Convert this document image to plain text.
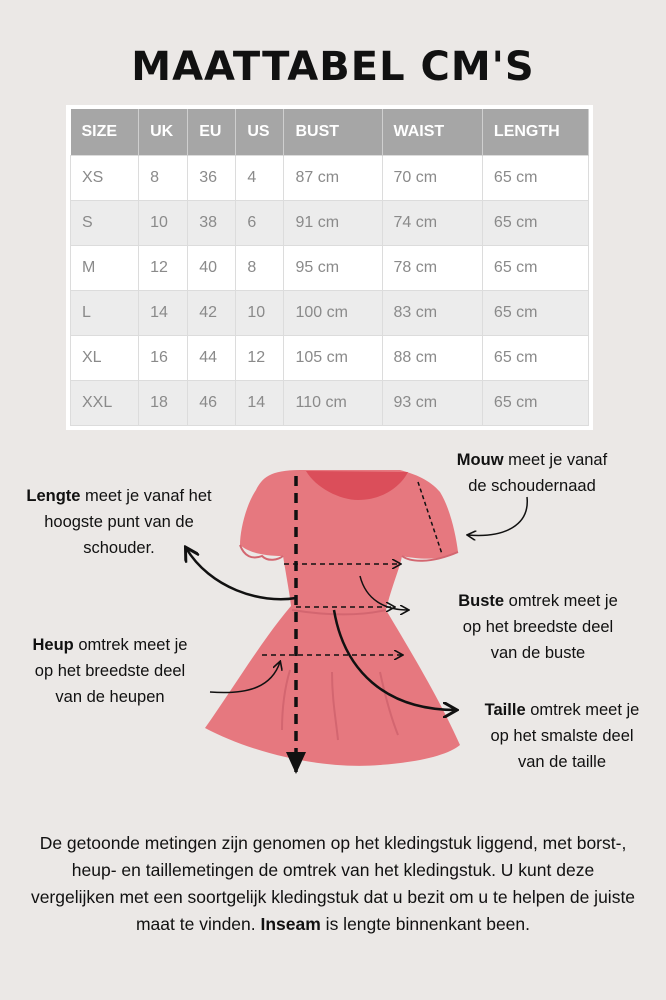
MAATTABEL CM'S
SIZE	UK	EU	US	BUST	WAIST	LENGTH
XS	8	36	4	87 cm	70 cm	65 cm
S	10	38	6	91 cm	74 cm	65 cm
M	12	40	8	95 cm	78 cm	65 cm
L	14	42	10	100 cm	83 cm	65 cm
XL	16	44	12	105 cm	88 cm	65 cm
XXL	18	46	14	110 cm	93 cm	65 cm
Lengte meet je vanaf het
hoogste punt van de
schouder.
Mouw meet je vanaf
de schoudernaad
Buste omtrek meet je
op het breedste deel
van de buste
Heup omtrek meet je
op het breedste deel
van de heupen
Taille omtrek meet je
op het smalste deel
van de taille
De getoonde metingen zijn genomen op het kledingstuk liggend, met borst-, heup- en taillemetingen de omtrek van het kledingstuk. U kunt deze vergelijken met een soortgelijk kledingstuk dat u bezit om u te helpen de juiste maat te vinden. Inseam is lengte binnenkant been.
